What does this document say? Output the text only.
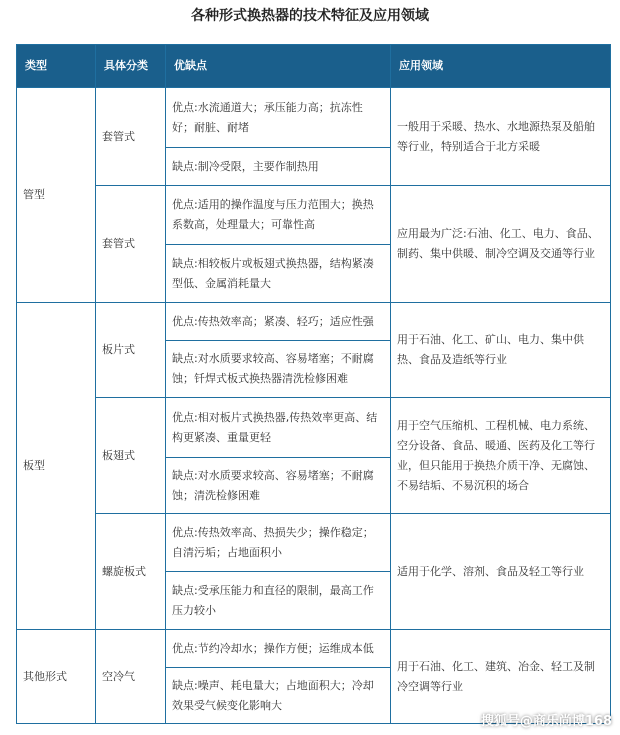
各种形式换热器的技术特征及应用领域
类型	具体分类	优缺点	应用领域
管型	套管式	优点:水流通道大；承压能力高；抗冻性好；耐脏、耐堵	一般用于采暖、热水、水地源热泵及船舶等行业，特别适合于北方采暖
		缺点:制冷受限，主要作制热用	
	套管式	优点:适用的操作温度与压力范围大；换热系数高，处理量大；可靠性高	应用最为广泛:石油、化工、电力、食品、制药、集中供暖、制冷空调及交通等行业
		缺点:相较板片或板翅式换热器，结构紧凑型低、金属消耗量大	
板型	板片式	优点:传热效率高；紧凑、轻巧；适应性强	用于石油、化工、矿山、电力、集中供热、食品及造纸等行业
		缺点:对水质要求较高、容易堵塞；不耐腐蚀；钎焊式板式换热器清洗检修困难	
	板翅式	优点:相对板片式换热器,传热效率更高、结构更紧凑、重量更轻	用于空气压缩机、工程机械、电力系统、空分设备、食品、暖通、医药及化工等行业，但只能用于换热介质干净、无腐蚀、不易结垢、不易沉积的场合
		缺点:对水质要求较高、容易堵塞；不耐腐蚀；清洗检修困难	
	螺旋板式	优点:传热效率高、热损失少；操作稳定；自清污垢；占地面积小	适用于化学、溶剂、食品及轻工等行业
		缺点:受承压能力和直径的限制，最高工作压力较小	
其他形式	空冷气	优点:节约冷却水；操作方便；运维成本低	用于石油、化工、建筑、冶金、轻工及制冷空调等行业
		缺点:噪声、耗电量大；占地面积大；冷却效果受气候变化影响大	
搜狐号@商乐尚博168
